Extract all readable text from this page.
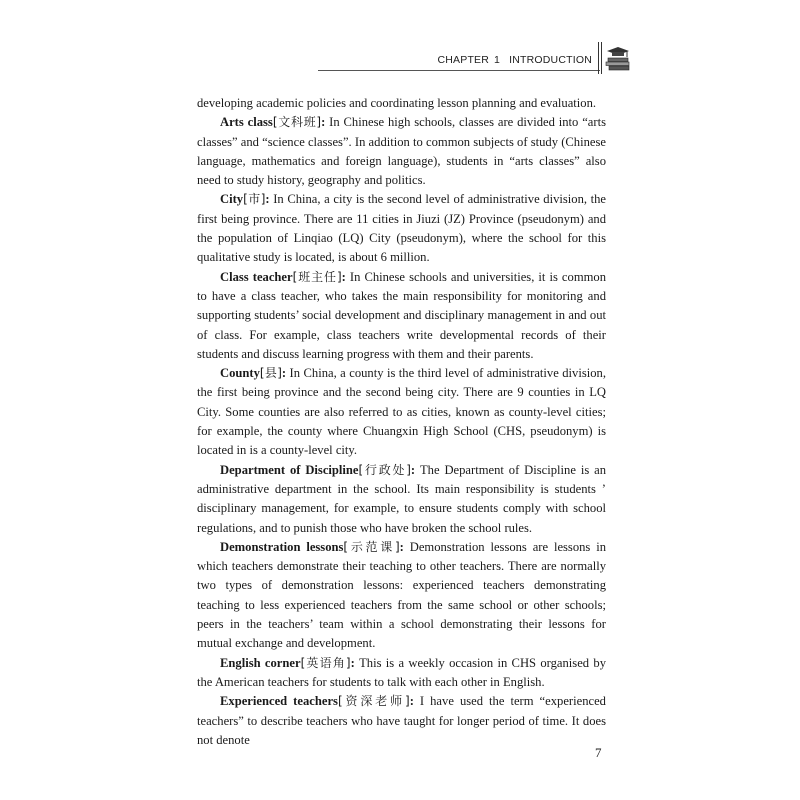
CHAPTER 1 INTRODUCTION

developing academic policies and coordinating lesson planning and evaluation.

Arts class[文科班]: In Chinese high schools, classes are divided into “arts classes” and “science classes”. In addition to common subjects of study (Chinese language, mathematics and foreign language), students in “arts classes” also need to study history, geography and politics.

City[市]: In China, a city is the second level of administrative division, the first being province. There are 11 cities in Jiuzi (JZ) Province (pseudonym) and the population of Linqiao (LQ) City (pseudonym), where the school for this qualitative study is located, is about 6 million.

Class teacher[班主任]: In Chinese schools and universities, it is common to have a class teacher, who takes the main responsibility for monitoring and supporting students’ social development and disciplinary management in and out of class. For example, class teachers write developmental records of their students and discuss learning progress with them and their parents.

County[县]: In China, a county is the third level of administrative division, the first being province and the second being city. There are 9 counties in LQ City. Some counties are also referred to as cities, known as county-level cities; for example, the county where Chuangxin High School (CHS, pseudonym) is located in is a county-level city.

Department of Discipline[行政处]: The Department of Discipline is an administrative department in the school. Its main responsibility is students ’ disciplinary management, for example, to ensure students comply with school regulations, and to punish those who have broken the school rules.

Demonstration lessons[示范课]: Demonstration lessons are lessons in which teachers demonstrate their teaching to other teachers. There are normally two types of demonstration lessons: experienced teachers demonstrating teaching to less experienced teachers from the same school or other schools; peers in the teachers’ team within a school demonstrating their lessons for mutual exchange and development.

English corner[英语角]: This is a weekly occasion in CHS organised by the American teachers for students to talk with each other in English.

Experienced teachers[资深老师]: I have used the term “experienced teachers” to describe teachers who have taught for longer period of time. It does not denote

7
